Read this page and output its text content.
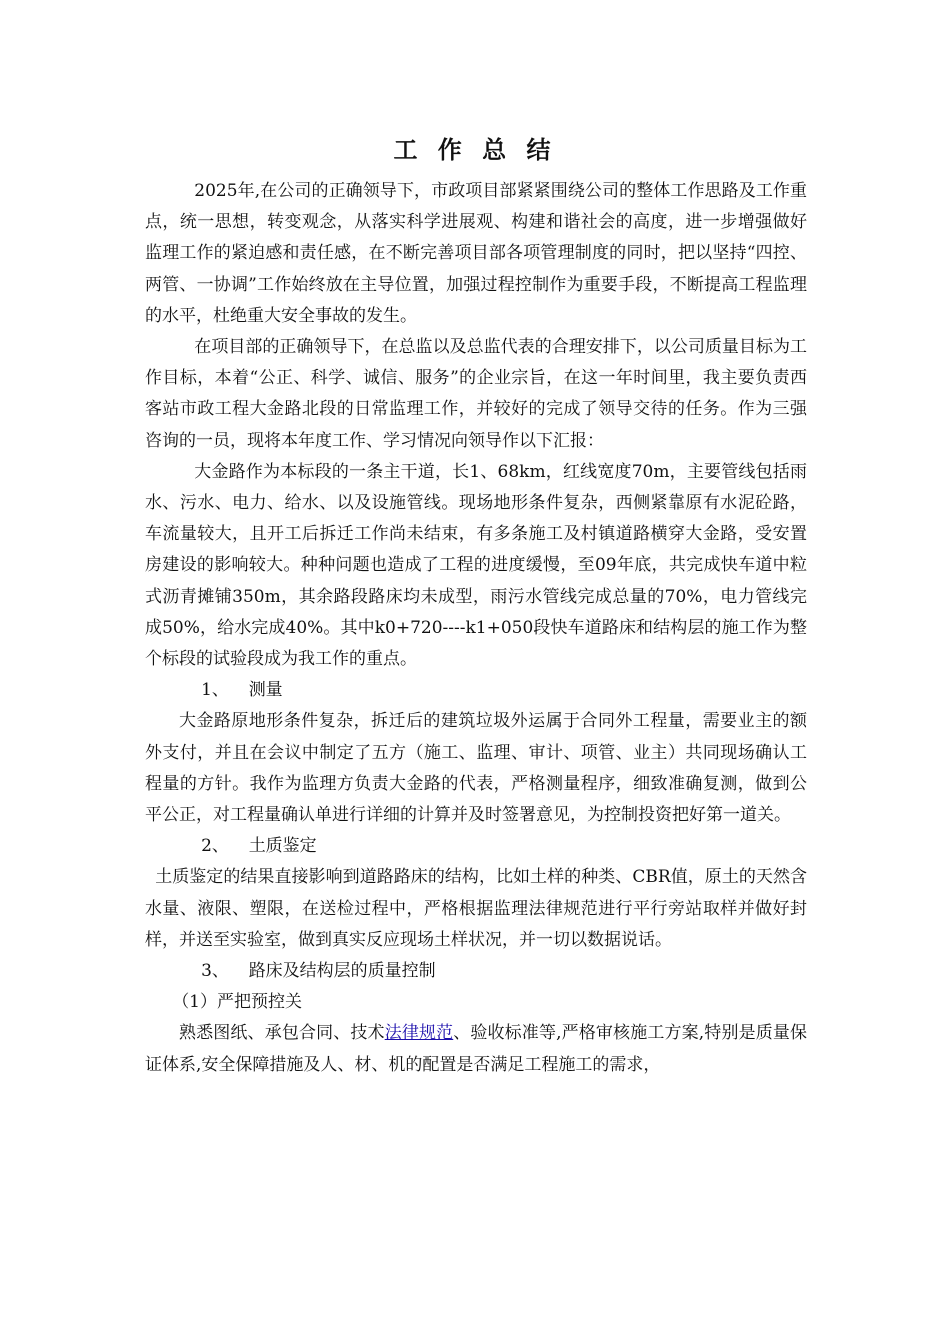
工 作 总 结

2025年,在公司的正确领导下，市政项目部紧紧围绕公司的整体工作思路及工作重点，统一思想，转变观念，从落实科学进展观、构建和谐社会的高度，进一步增强做好监理工作的紧迫感和责任感，在不断完善项目部各项管理制度的同时，把以坚持“四控、两管、一协调”工作始终放在主导位置，加强过程控制作为重要手段，不断提高工程监理的水平，杜绝重大安全事故的发生。

在项目部的正确领导下，在总监以及总监代表的合理安排下，以公司质量目标为工作目标，本着“公正、科学、诚信、服务”的企业宗旨，在这一年时间里，我主要负责西客站市政工程大金路北段的日常监理工作，并较好的完成了领导交待的任务。作为三强咨询的一员，现将本年度工作、学习情况向领导作以下汇报：

大金路作为本标段的一条主干道，长1、68km，红线宽度70m，主要管线包括雨水、污水、电力、给水、以及设施管线。现场地形条件复杂，西侧紧靠原有水泥砼路，车流量较大，且开工后拆迁工作尚未结束，有多条施工及村镇道路横穿大金路，受安置房建设的影响较大。种种问题也造成了工程的进度缓慢，至09年底，共完成快车道中粒式沥青摊铺350m，其余路段路床均未成型，雨污水管线完成总量的70%，电力管线完成50%，给水完成40%。其中k0+720----k1+050段快车道路床和结构层的施工作为整个标段的试验段成为我工作的重点。

1、 测量

大金路原地形条件复杂，拆迁后的建筑垃圾外运属于合同外工程量，需要业主的额外支付，并且在会议中制定了五方（施工、监理、审计、项管、业主）共同现场确认工程量的方针。我作为监理方负责大金路的代表，严格测量程序，细致准确复测，做到公平公正，对工程量确认单进行详细的计算并及时签署意见，为控制投资把好第一道关。

2、 土质鉴定

土质鉴定的结果直接影响到道路路床的结构，比如土样的种类、CBR值，原土的天然含水量、液限、塑限，在送检过程中，严格根据监理法律规范进行平行旁站取样并做好封样，并送至实验室，做到真实反应现场土样状况，并一切以数据说话。

3、 路床及结构层的质量控制

（1）严把预控关

熟悉图纸、承包合同、技术法律规范、验收标准等,严格审核施工方案,特别是质量保证体系,安全保障措施及人、材、机的配置是否满足工程施工的需求，
